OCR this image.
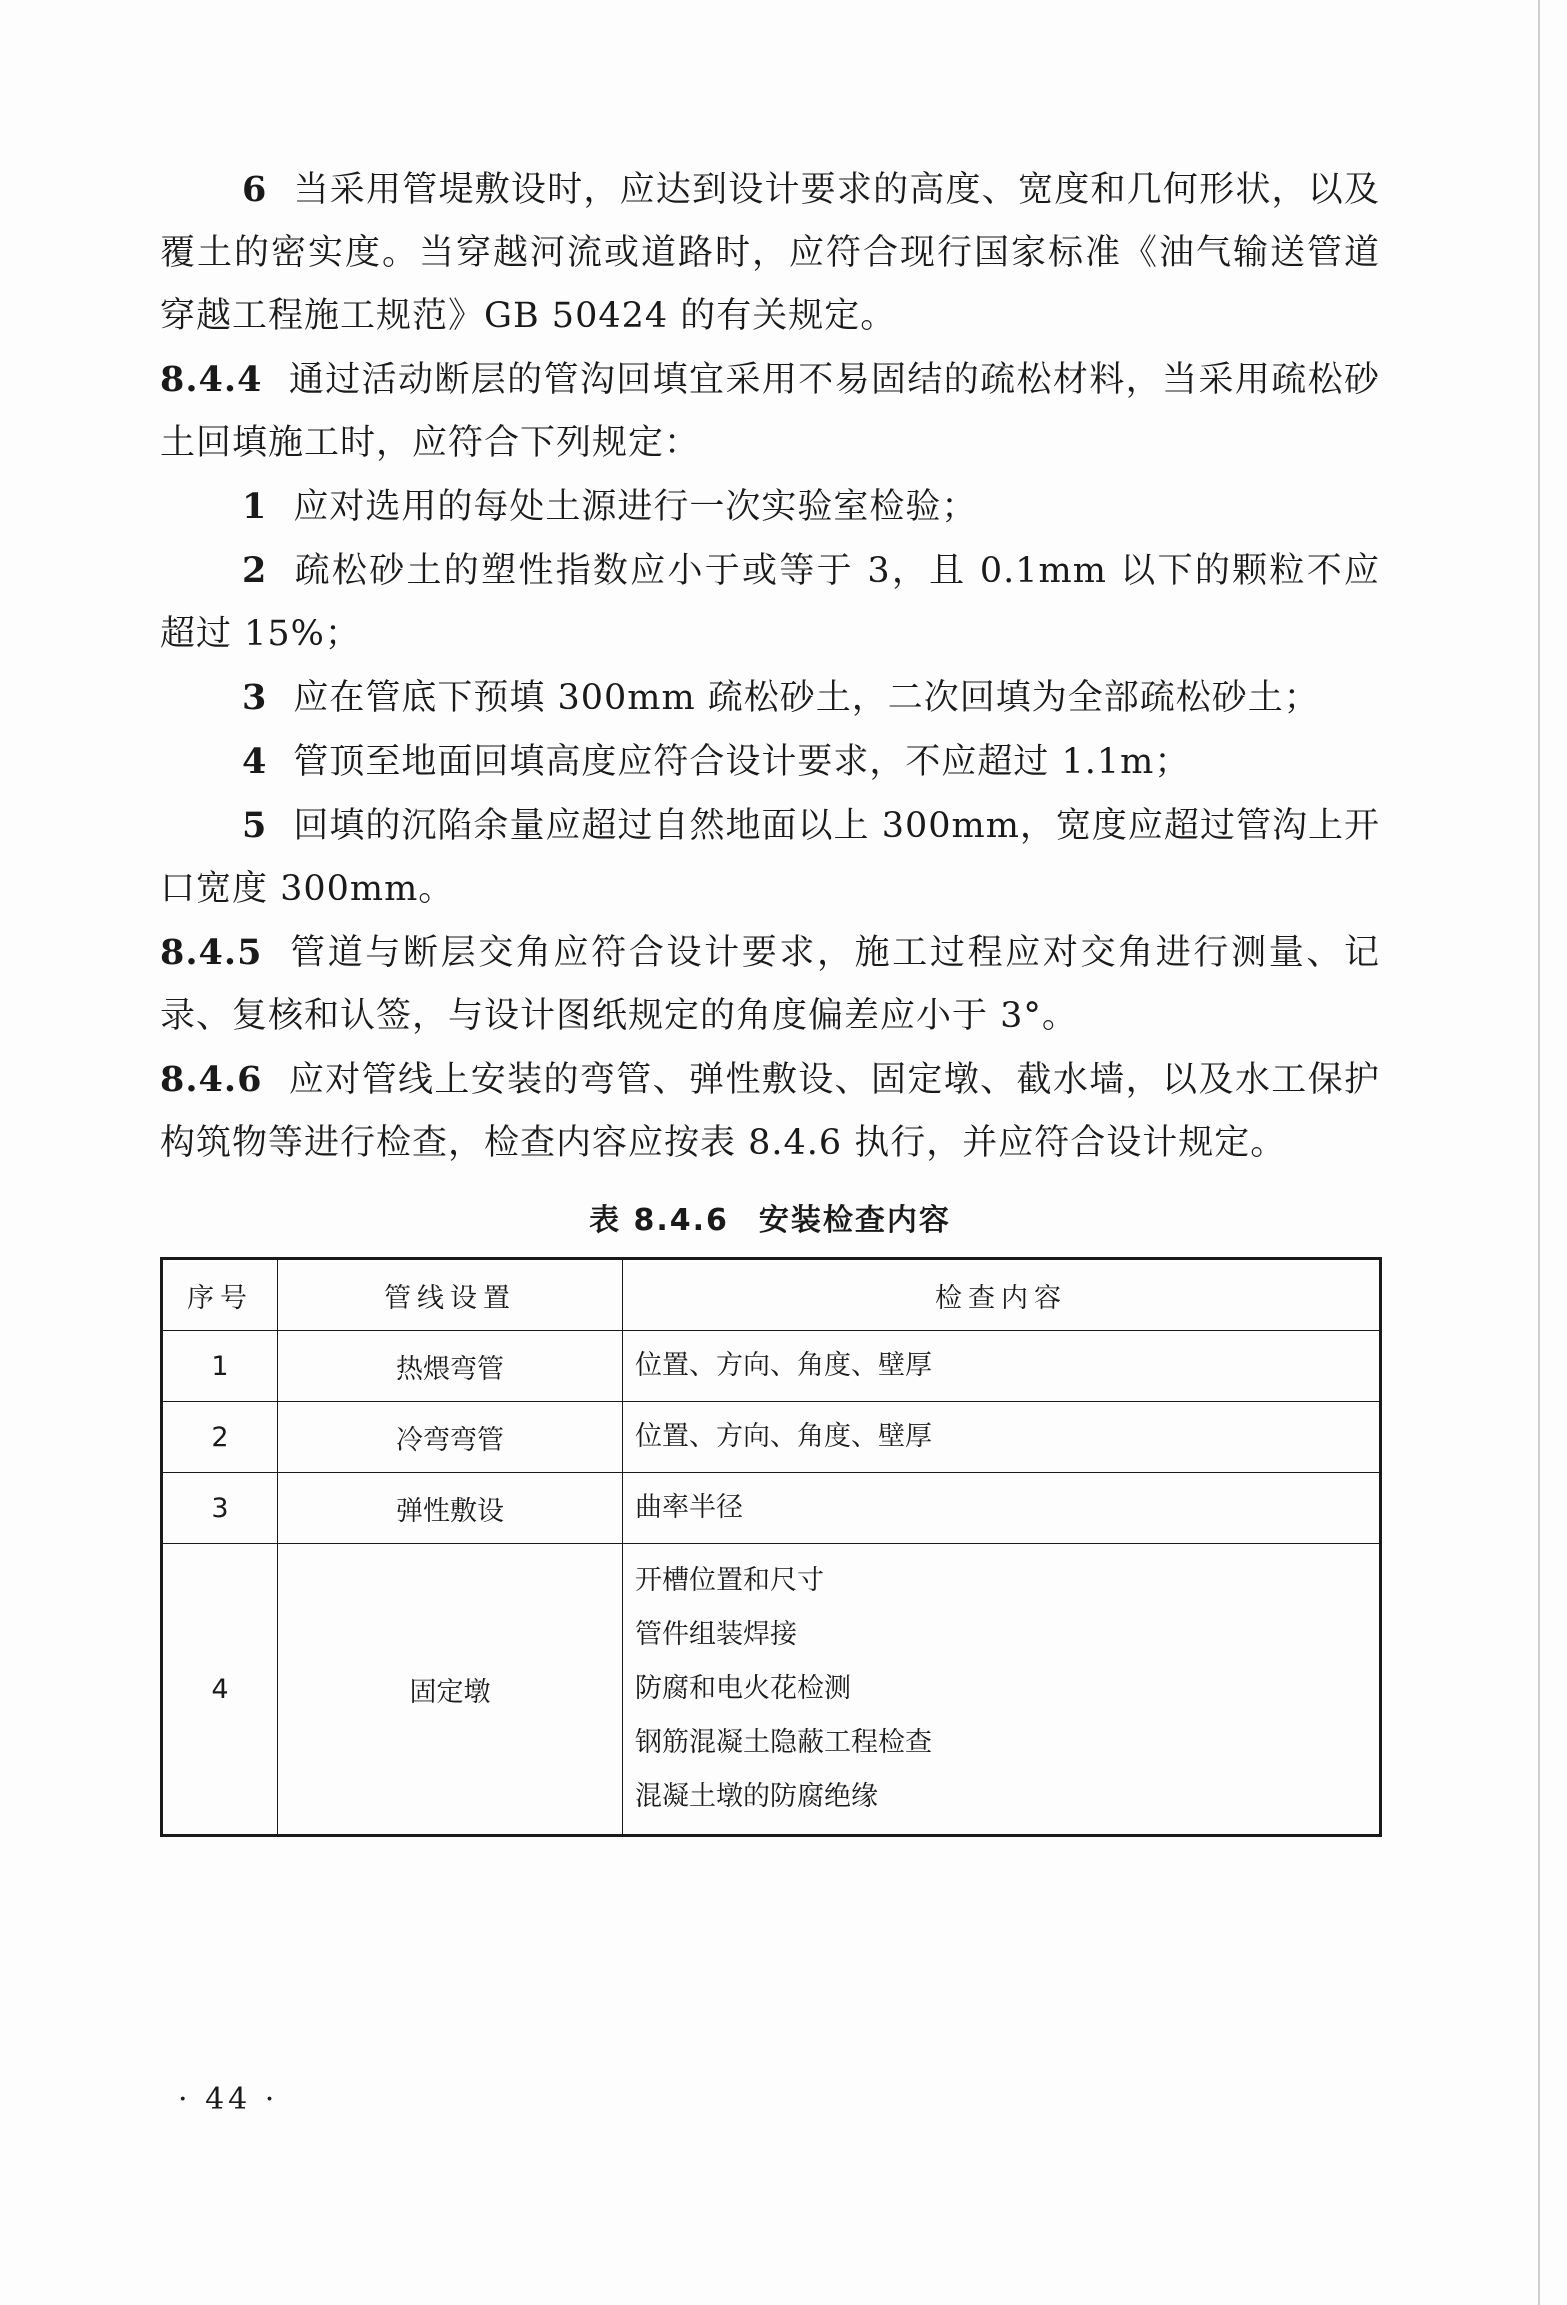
6 当采用管堤敷设时，应达到设计要求的高度、宽度和几何形状，以及覆土的密实度。当穿越河流或道路时，应符合现行国家标准《油气输送管道穿越工程施工规范》GB 50424 的有关规定。

8.4.4 通过活动断层的管沟回填宜采用不易固结的疏松材料，当采用疏松砂土回填施工时，应符合下列规定：

1 应对选用的每处土源进行一次实验室检验；

2 疏松砂土的塑性指数应小于或等于 3，且 0.1mm 以下的颗粒不应超过 15%；

3 应在管底下预填 300mm 疏松砂土，二次回填为全部疏松砂土；

4 管顶至地面回填高度应符合设计要求，不应超过 1.1m；

5 回填的沉陷余量应超过自然地面以上 300mm，宽度应超过管沟上开口宽度 300mm。

8.4.5 管道与断层交角应符合设计要求，施工过程应对交角进行测量、记录、复核和认签，与设计图纸规定的角度偏差应小于 3°。

8.4.6 应对管线上安装的弯管、弹性敷设、固定墩、截水墙，以及水工保护构筑物等进行检查，检查内容应按表 8.4.6 执行，并应符合设计规定。

表 8.4.6 安装检查内容
序号	管线设置	检查内容
1	热煨弯管	位置、方向、角度、壁厚

2	冷弯弯管	位置、方向、角度、壁厚

3	弹性敷设	曲率半径

4	固定墩	开槽位置和尺寸
管件组装焊接
防腐和电火花检测
钢筋混凝土隐蔽工程检查
混凝土墩的防腐绝缘
· 44 ·
